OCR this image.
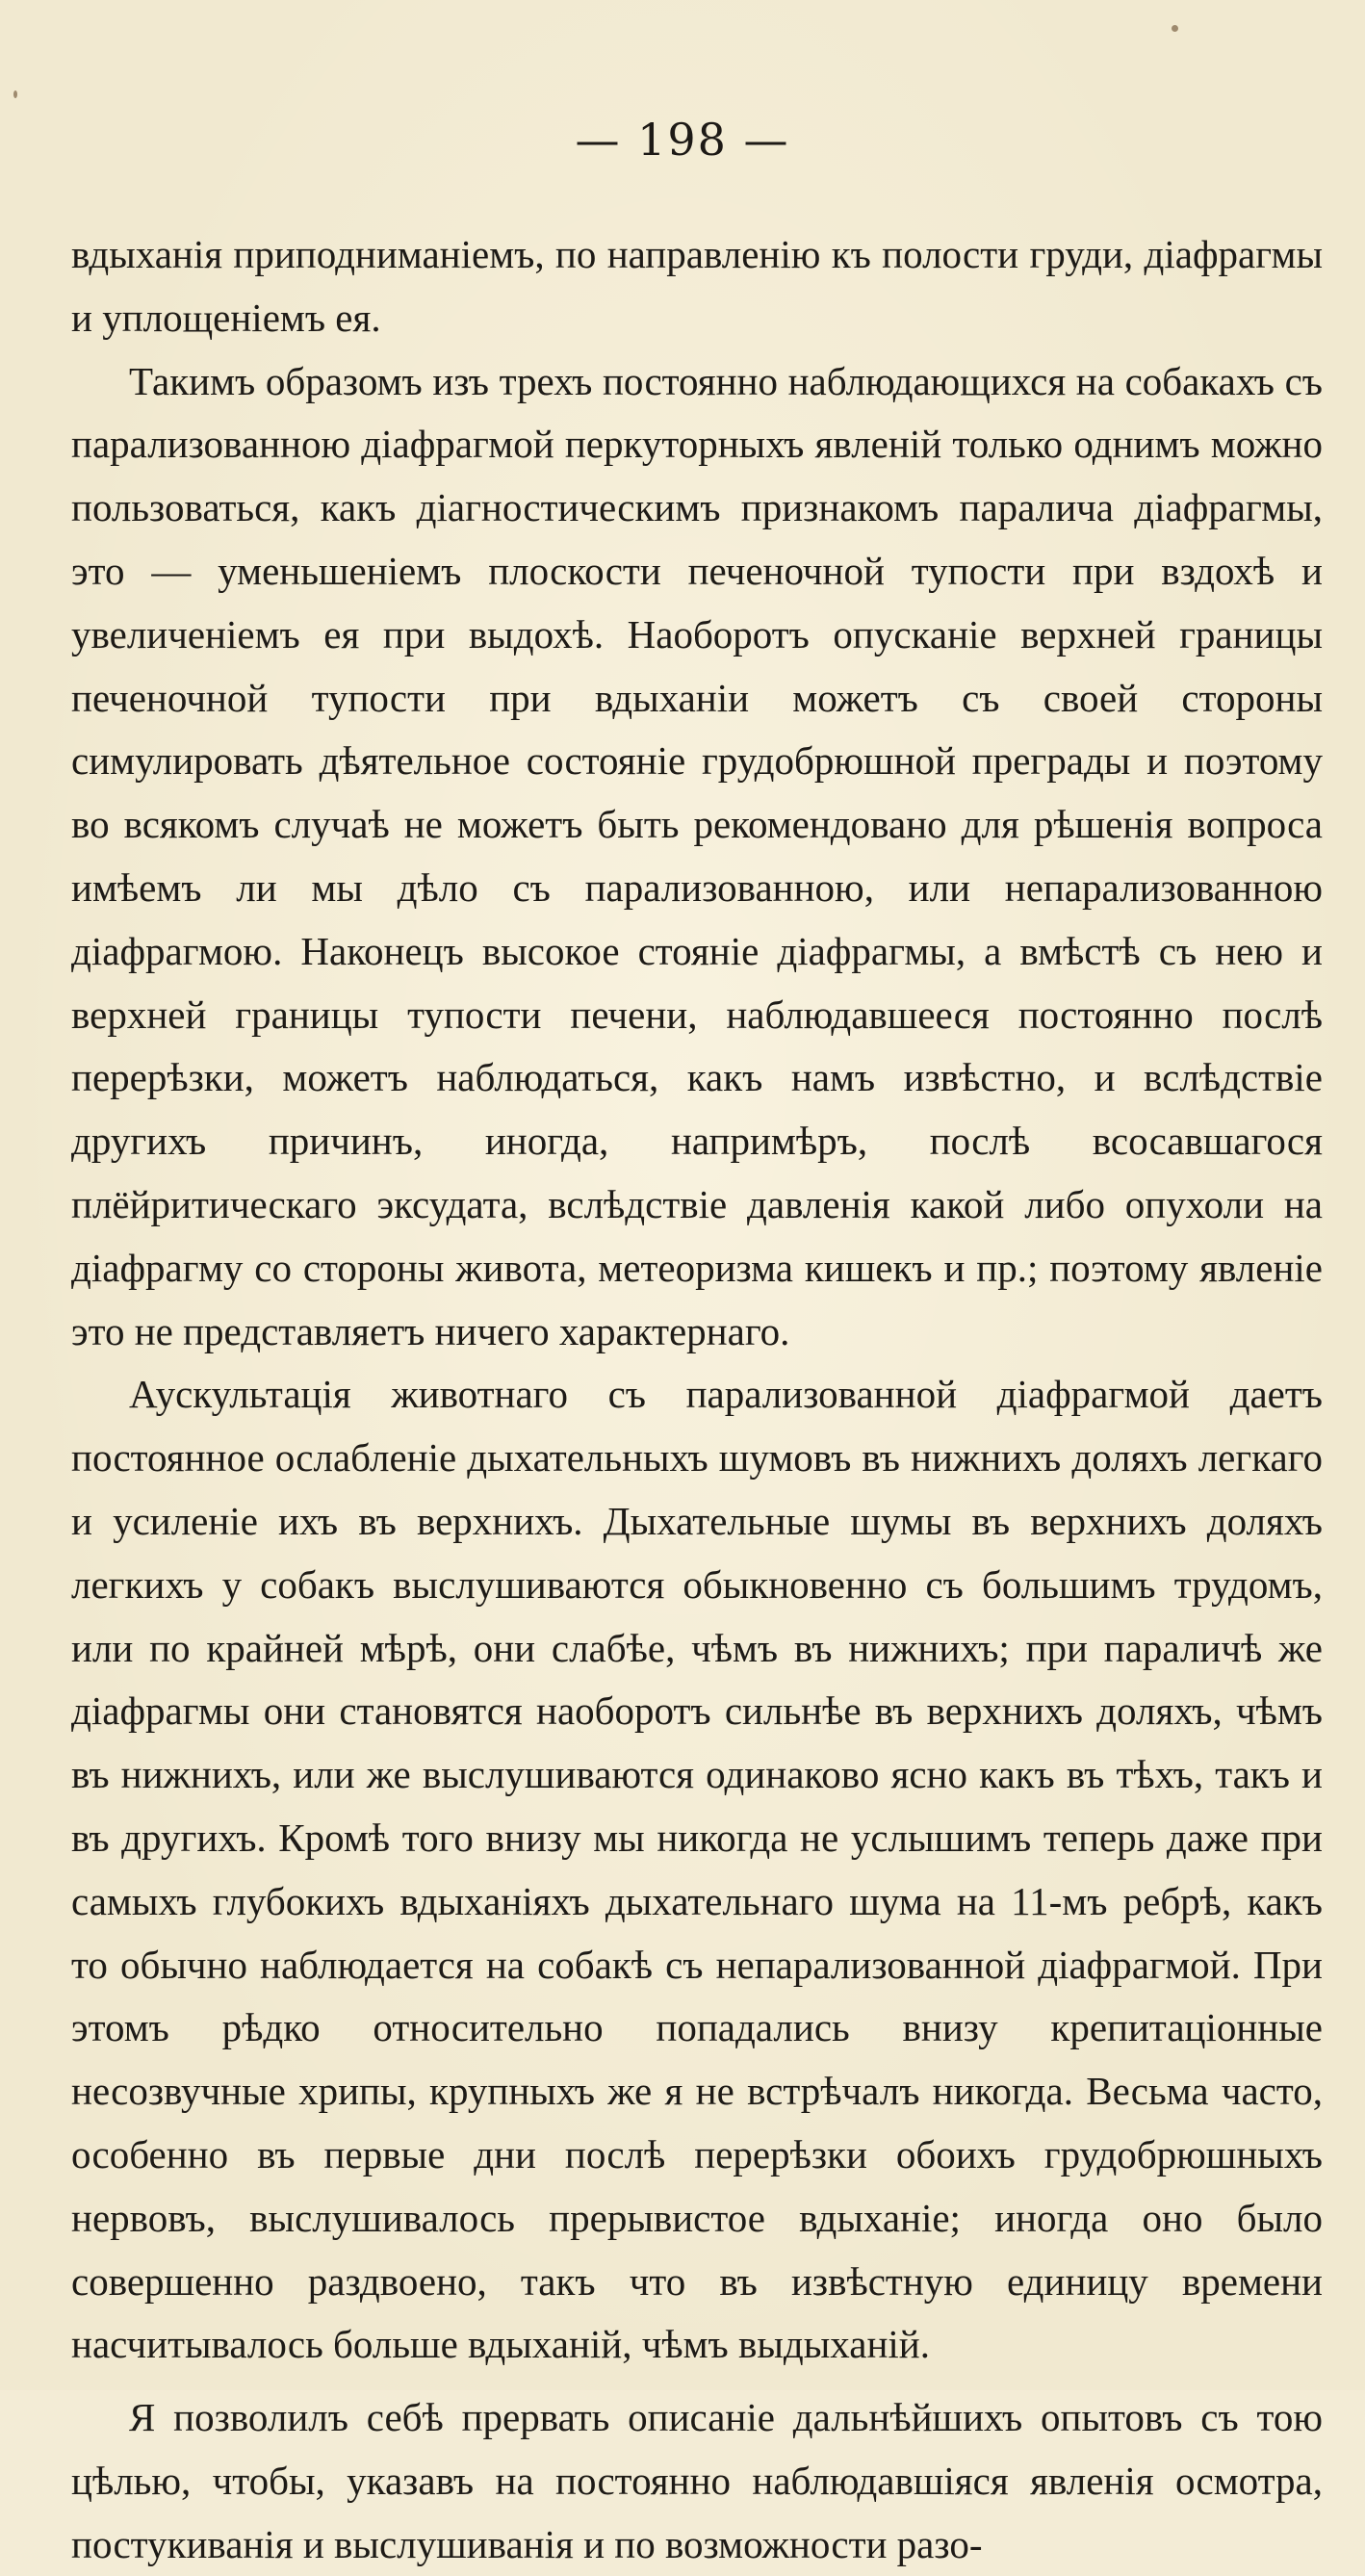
— 198 —

вдыханія приподниманіемъ, по направленію къ полости груди, діафрагмы и уплощеніемъ ея.

Такимъ образомъ изъ трехъ постоянно наблюдающихся на собакахъ съ парализованною діафрагмой перкуторныхъ явленій только однимъ можно пользоваться, какъ діагностическимъ признакомъ паралича діафрагмы, это — уменьшеніемъ плоскости печеночной тупости при вздохѣ и увеличеніемъ ея при выдохѣ. Наоборотъ опусканіе верхней границы печеночной тупости при вдыханіи можетъ съ своей стороны симулировать дѣятельное состояніе грудобрюшной преграды и поэтому во всякомъ случаѣ не можетъ быть рекомендовано для рѣшенія вопроса имѣемъ ли мы дѣло съ парализованною, или непарализованною діафрагмою. Наконецъ высокое стояніе діафрагмы, а вмѣстѣ съ нею и верхней границы тупости печени, наблюдавшееся постоянно послѣ перерѣзки, можетъ наблюдаться, какъ намъ извѣстно, и вслѣдствіе другихъ причинъ, иногда, напримѣръ, послѣ всосавшагося плёйритическаго эксудата, вслѣдствіе давленія какой либо опухоли на діафрагму со стороны живота, метеоризма кишекъ и пр.; поэтому явленіе это не представляетъ ничего характернаго.

Аускультація животнаго съ парализованной діафрагмой даетъ постоянное ослабленіе дыхательныхъ шумовъ въ нижнихъ доляхъ легкаго и усиленіе ихъ въ верхнихъ. Дыхательные шумы въ верхнихъ доляхъ легкихъ у собакъ выслушиваются обыкновенно съ большимъ трудомъ, или по крайней мѣрѣ, они слабѣе, чѣмъ въ нижнихъ; при параличѣ же діафрагмы они становятся наоборотъ сильнѣе въ верхнихъ доляхъ, чѣмъ въ нижнихъ, или же выслушиваются одинаково ясно какъ въ тѣхъ, такъ и въ другихъ. Кромѣ того внизу мы никогда не услышимъ теперь даже при самыхъ глубокихъ вдыханіяхъ дыхательнаго шума на 11-мъ ребрѣ, какъ то обычно наблюдается на собакѣ съ непарализованной діафрагмой. При этомъ рѣдко относительно попадались внизу крепитаціонные несозвучные хрипы, крупныхъ же я не встрѣчалъ никогда. Весьма часто, особенно въ первые дни послѣ перерѣзки обоихъ грудобрюшныхъ нервовъ, выслушивалось прерывистое вдыханіе; иногда оно было совершенно раздвоено, такъ что въ извѣстную единицу времени насчитывалось больше вдыханій, чѣмъ выдыханій.

Я позволилъ себѣ прервать описаніе дальнѣйшихъ опытовъ съ тою цѣлью, чтобы, указавъ на постоянно наблюдавшіяся явленія осмотра, постукиванія и выслушиванія и по возможности разо-
